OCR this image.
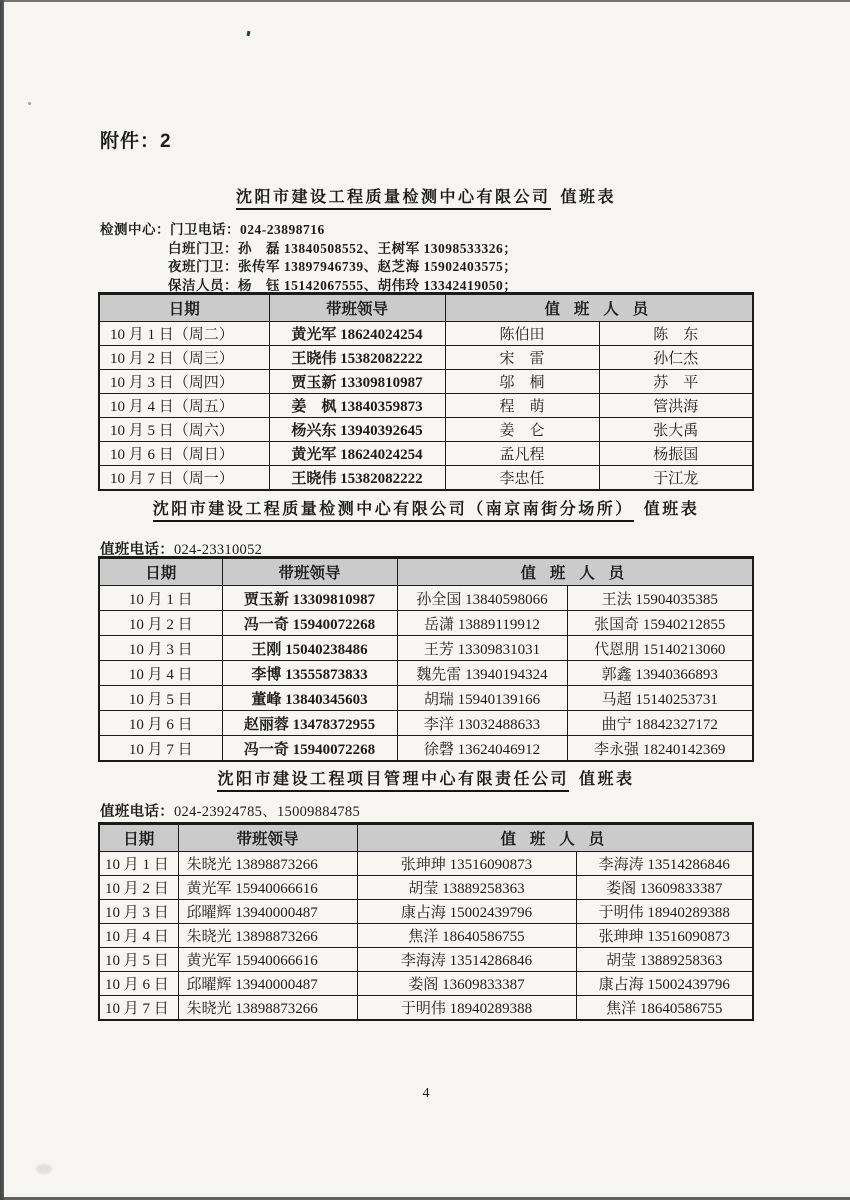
附件：2
沈阳市建设工程质量检测中心有限公司 值班表
检测中心：门卫电话：024-23898716
白班门卫：孙　磊 13840508552、王树军 13098533326；
夜班门卫：张传军 13897946739、赵芝海 15902403575；
保洁人员：杨　钰 15142067555、胡伟玲 13342419050；
日期	带班领导	值 班 人 员	
10 月 1 日（周二）	黄光军 18624024254	陈伯田	陈　东
10 月 2 日（周三）	王晓伟 15382082222	宋　雷	孙仁杰
10 月 3 日（周四）	贾玉新 13309810987	邬　桐	苏　平
10 月 4 日（周五）	姜　枫 13840359873	程　萌	管洪海
10 月 5 日（周六）	杨兴东 13940392645	姜　仑	张大禹
10 月 6 日（周日）	黄光军 18624024254	孟凡程	杨振国
10 月 7 日（周一）	王晓伟 15382082222	李忠任	于江龙
沈阳市建设工程质量检测中心有限公司（南京南街分场所） 值班表
值班电话：024-23310052
日期	带班领导	值 班 人 员	
10 月 1 日	贾玉新 13309810987	孙全国 13840598066	王法 15904035385
10 月 2 日	冯一奇 15940072268	岳潇 13889119912	张国奇 15940212855
10 月 3 日	王刚 15040238486	王芳 13309831031	代恩朋 15140213060
10 月 4 日	李博 13555873833	魏先雷 13940194324	郭鑫 13940366893
10 月 5 日	董峰 13840345603	胡瑞 15940139166	马超 15140253731
10 月 6 日	赵丽蓉 13478372955	李洋 13032488633	曲宁 18842327172
10 月 7 日	冯一奇 15940072268	徐磬 13624046912	李永强 18240142369
沈阳市建设工程项目管理中心有限责任公司 值班表
值班电话：024-23924785、15009884785
日期	带班领导	值 班 人 员	
10 月 1 日	朱晓光 13898873266	张珅珅 13516090873	李海涛 13514286846
10 月 2 日	黄光军 15940066616	胡莹 13889258363	娄阁 13609833387
10 月 3 日	邱曜辉 13940000487	康占海 15002439796	于明伟 18940289388
10 月 4 日	朱晓光 13898873266	焦洋 18640586755	张珅珅 13516090873
10 月 5 日	黄光军 15940066616	李海涛 13514286846	胡莹 13889258363
10 月 6 日	邱曜辉 13940000487	娄阁 13609833387	康占海 15002439796
10 月 7 日	朱晓光 13898873266	于明伟 18940289388	焦洋 18640586755
4
